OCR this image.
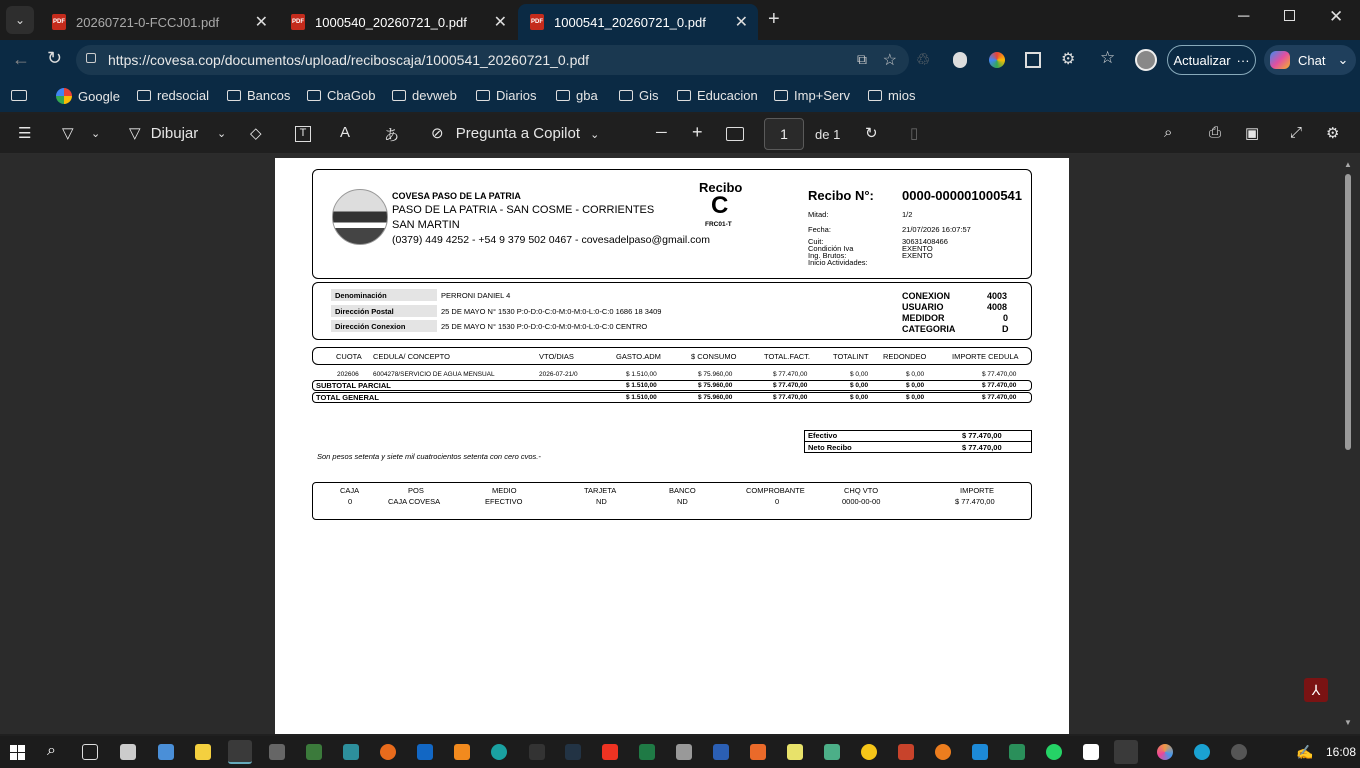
⌄	PDF 20260721-0-FCCJ01.pdf ✕	PDF 1000540_20260721_0.pdf ✕	PDF 1000541_20260721_0.pdf ✕ +	─	✕
← ↻	♲	⚙ ☆	Actualizar ···	Chat ⌄
https://covesa.cop/documentos/upload/reciboscaja/1000541_20260721_0.pdf	⧉ ☆
Google	redsocial	Bancos	CbaGob	devweb	Diarios	gba	Gis	Educacion	Imp+Serv	mios
☰ ▽ ⌄ ▽ Dibujar ⌄ ◇	T	A あ ⊘ Pregunta a Copilot ⌄	─ +	de 1 ↻ ▯	⌕ ⎙ ▣ ⤢ ⚙
1
COVESA PASO DE LA PATRIA
PASO DE LA PATRIA - SAN COSME - CORRIENTES
SAN MARTIN
(0379) 449 4252 - +54 9 379 502 0467 - covesadelpaso@gmail.com
Recibo
C
FRC01-T
Recibo N°: 0000-000001000541
Mitad:	1/2
Fecha:	21/07/2026 16:07:57
Cuit:	30631408466
Condición Iva	EXENTO
Ing. Brutos:	EXENTO
Inicio Actividades:
Denominación	PERRONI DANIEL 4
Dirección Postal	25 DE MAYO N° 1530 P:0-D:0-C:0-M:0-M:0-L:0-C:0 1686 18 3409
Dirección Conexion	25 DE MAYO N° 1530 P:0-D:0-C:0-M:0-M:0-L:0-C:0 CENTRO
CONEXION	4003
USUARIO	4008
MEDIDOR	0
CATEGORIA	D
CUOTA CEDULA/ CONCEPTO	VTO/DIAS	GASTO.ADM	$ CONSUMO	TOTAL.FACT.	TOTALINT REDONDEO	IMPORTE CEDULA
202606 6004278/SERVICIO DE AGUA MENSUAL	2026-07-21/0	$ 1.510,00	$ 75.960,00	$ 77.470,00	$ 0,00	$ 0,00	$ 77.470,00
SUBTOTAL PARCIAL	$ 1.510,00	$ 75.960,00	$ 77.470,00	$ 0,00	$ 0,00	$ 77.470,00
TOTAL GENERAL	$ 1.510,00	$ 75.960,00	$ 77.470,00	$ 0,00	$ 0,00	$ 77.470,00
Efectivo	$ 77.470,00
Neto Recibo	$ 77.470,00
Son pesos setenta y siete mil cuatrocientos setenta con cero cvos.-
CAJA	POS	MEDIO	TARJETA	BANCO	COMPROBANTE	CHQ VTO	IMPORTE
0	CAJA COVESA	EFECTIVO	ND	ND	0	0000-00-00	$ 77.470,00
▲
▼
⅄
⌕	✍ 16:08
